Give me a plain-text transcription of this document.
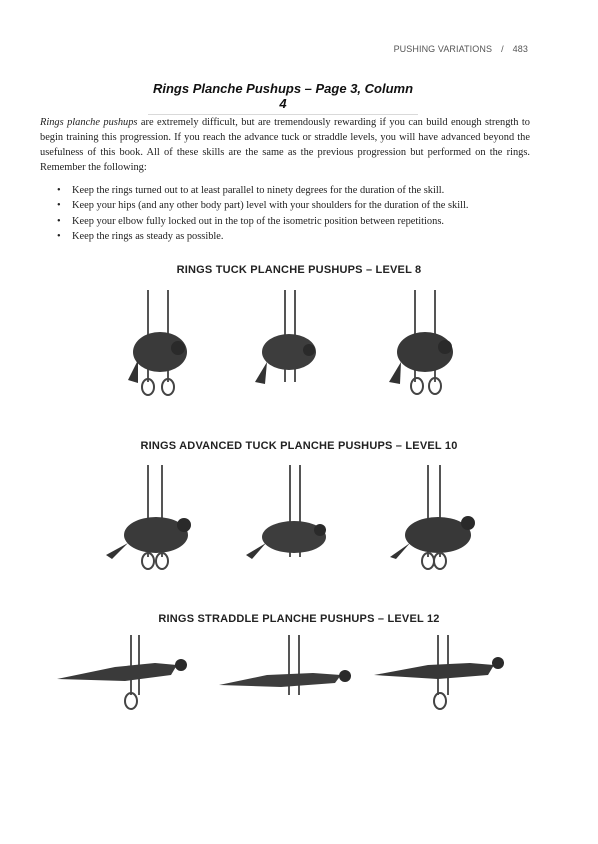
PUSHING VARIATIONS / 483
Rings Planche Pushups – Page 3, Column 4

Rings planche pushups are extremely difficult, but are tremendously rewarding if you can build enough strength to begin training this progression. If you reach the advance tuck or straddle levels, you will have advanced beyond the usefulness of this book. All of these skills are the same as the previous progression but performed on the rings. Remember the following:

• Keep the rings turned out to at least parallel to ninety degrees for the duration of the skill.
• Keep your hips (and any other body part) level with your shoulders for the duration of the skill.
• Keep your elbow fully locked out in the top of the isometric position between repetitions.
• Keep the rings as steady as possible.
RINGS TUCK PLANCHE PUSHUPS – LEVEL 8
RINGS ADVANCED TUCK PLANCHE PUSHUPS – LEVEL 10
RINGS STRADDLE PLANCHE PUSHUPS – LEVEL 12
